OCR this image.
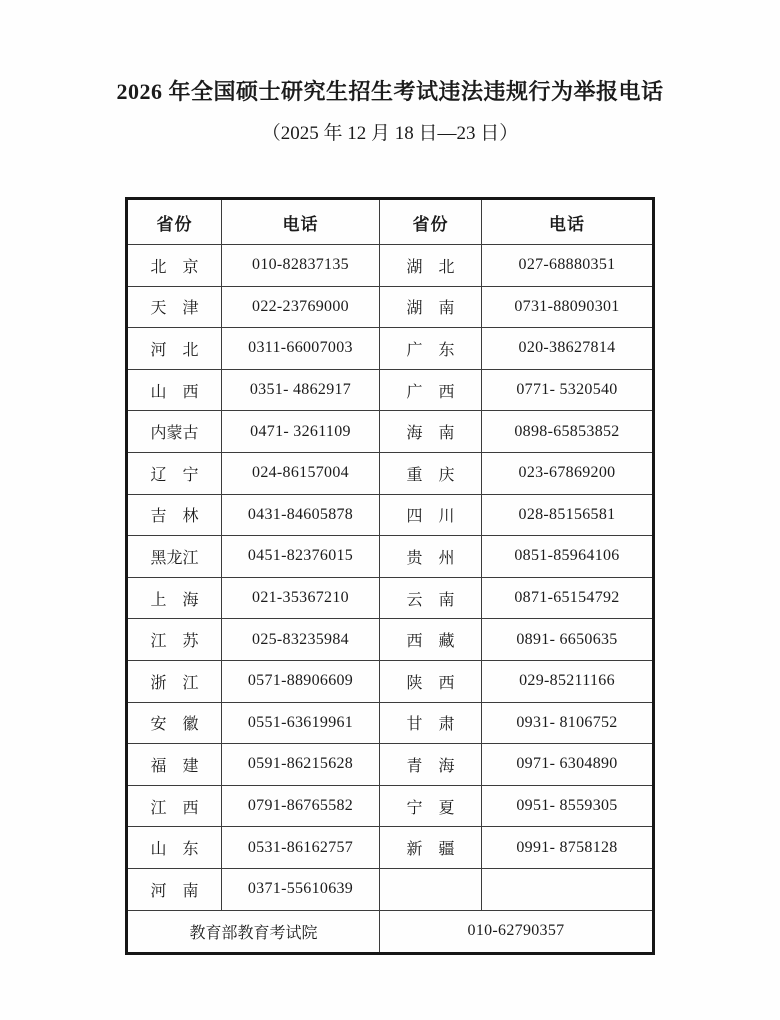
2026 年全国硕士研究生招生考试违法违规行为举报电话
（2025 年 12 月 18 日—23 日）
省份	电话	省份	电话
北　京	010-82837135	湖　北	027-68880351
天　津	022-23769000	湖　南	0731-88090301
河　北	0311-66007003	广　东	020-38627814
山　西	0351- 4862917	广　西	0771- 5320540
内蒙古	0471- 3261109	海　南	0898-65853852
辽　宁	024-86157004	重　庆	023-67869200
吉　林	0431-84605878	四　川	028-85156581
黑龙江	0451-82376015	贵　州	0851-85964106
上　海	021-35367210	云　南	0871-65154792
江　苏	025-83235984	西　藏	0891- 6650635
浙　江	0571-88906609	陕　西	029-85211166
安　徽	0551-63619961	甘　肃	0931- 8106752
福　建	0591-86215628	青　海	0971- 6304890
江　西	0791-86765582	宁　夏	0951- 8559305
山　东	0531-86162757	新　疆	0991- 8758128
河　南	0371-55610639		
教育部教育考试院		010-62790357	
